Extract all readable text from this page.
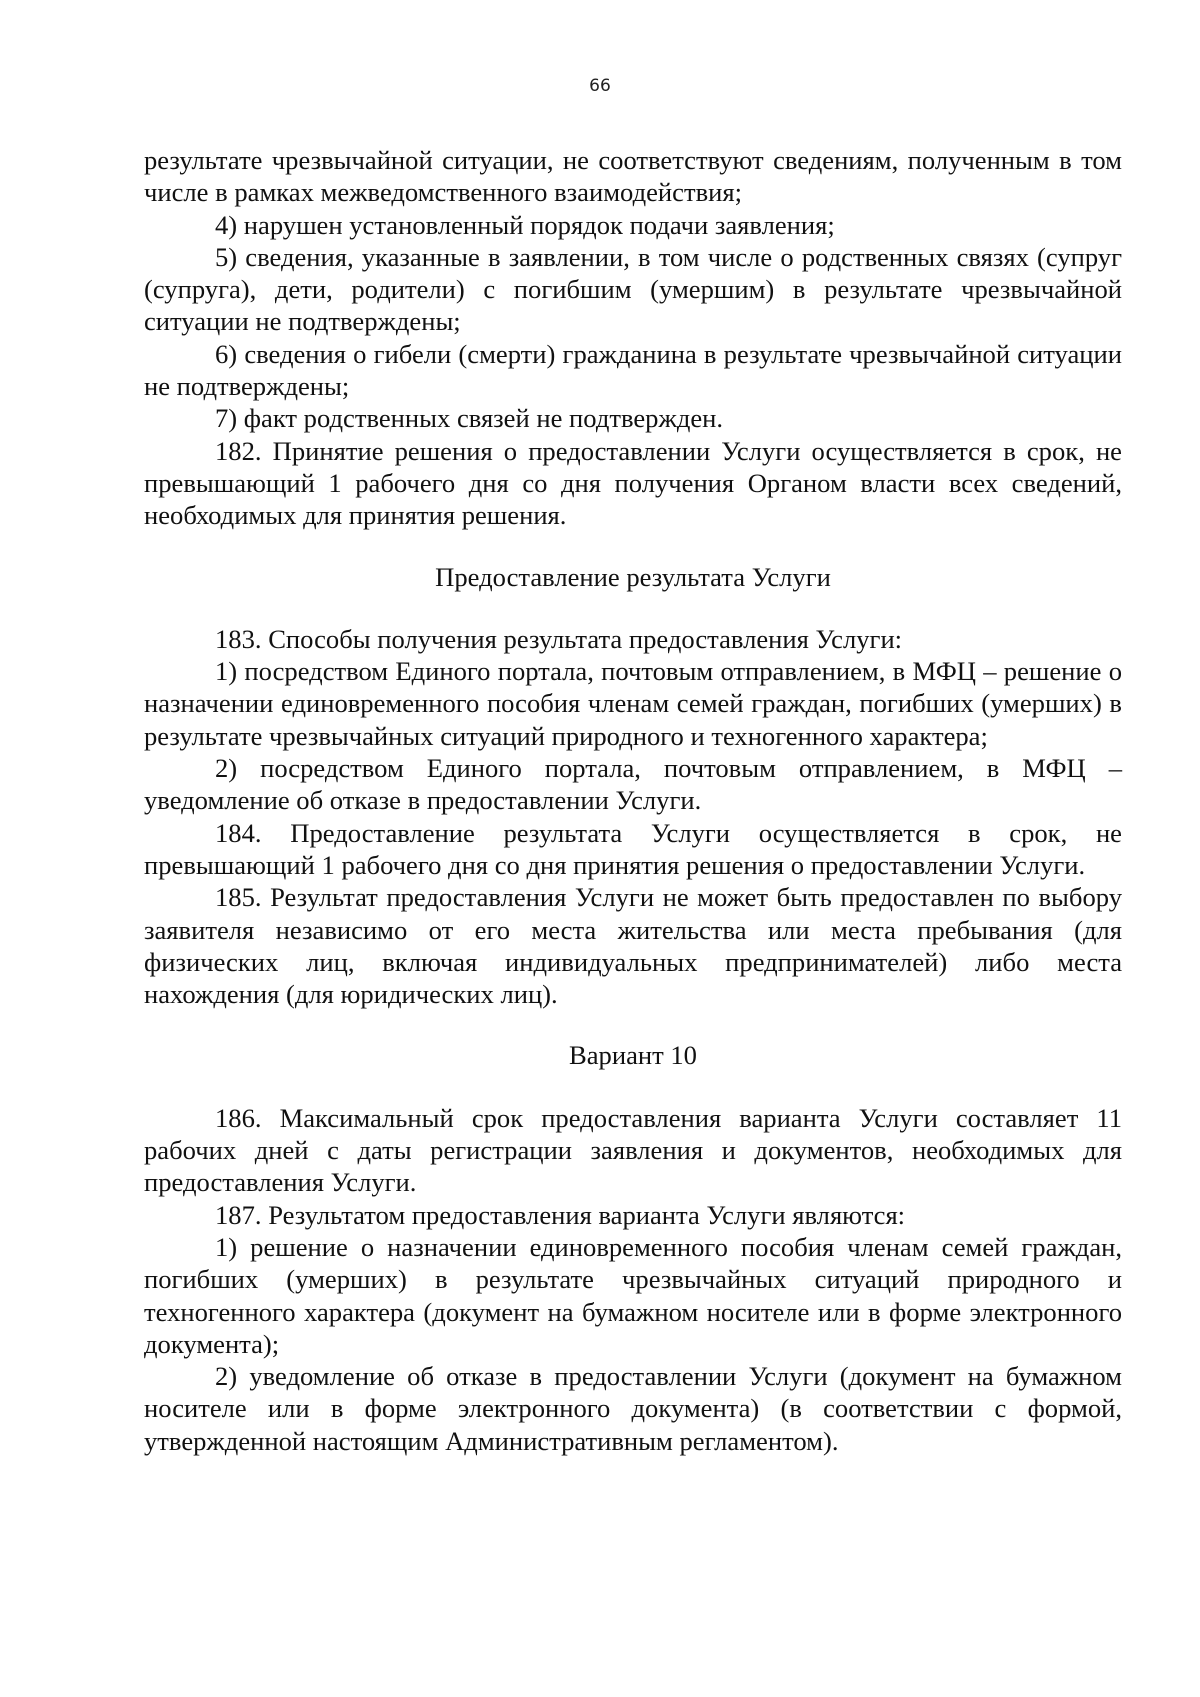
66

результате чрезвычайной ситуации, не соответствуют сведениям, полученным в том числе в рамках межведомственного взаимодействия;

4) нарушен установленный порядок подачи заявления;

5) сведения, указанные в заявлении, в том числе о родственных связях (супруг (супруга), дети, родители) с погибшим (умершим) в результате чрезвычайной ситуации не подтверждены;

6) сведения о гибели (смерти) гражданина в результате чрезвычайной ситуации не подтверждены;

7) факт родственных связей не подтвержден.

182. Принятие решения о предоставлении Услуги осуществляется в срок, не превышающий 1 рабочего дня со дня получения Органом власти всех сведений, необходимых для принятия решения.

Предоставление результата Услуги

183. Способы получения результата предоставления Услуги:

1) посредством Единого портала, почтовым отправлением, в МФЦ – решение о назначении единовременного пособия членам семей граждан, погибших (умерших) в результате чрезвычайных ситуаций природного и техногенного характера;

2) посредством Единого портала, почтовым отправлением, в МФЦ – уведомление об отказе в предоставлении Услуги.

184. Предоставление результата Услуги осуществляется в срок, не превышающий 1 рабочего дня со дня принятия решения о предоставлении Услуги.

185. Результат предоставления Услуги не может быть предоставлен по выбору заявителя независимо от его места жительства или места пребывания (для физических лиц, включая индивидуальных предпринимателей) либо места нахождения (для юридических лиц).

Вариант 10

186. Максимальный срок предоставления варианта Услуги составляет 11 рабочих дней с даты регистрации заявления и документов, необходимых для предоставления Услуги.

187. Результатом предоставления варианта Услуги являются:

1) решение о назначении единовременного пособия членам семей граждан, погибших (умерших) в результате чрезвычайных ситуаций природного и техногенного характера (документ на бумажном носителе или в форме электронного документа);

2) уведомление об отказе в предоставлении Услуги (документ на бумажном носителе или в форме электронного документа) (в соответствии с формой, утвержденной настоящим Административным регламентом).
